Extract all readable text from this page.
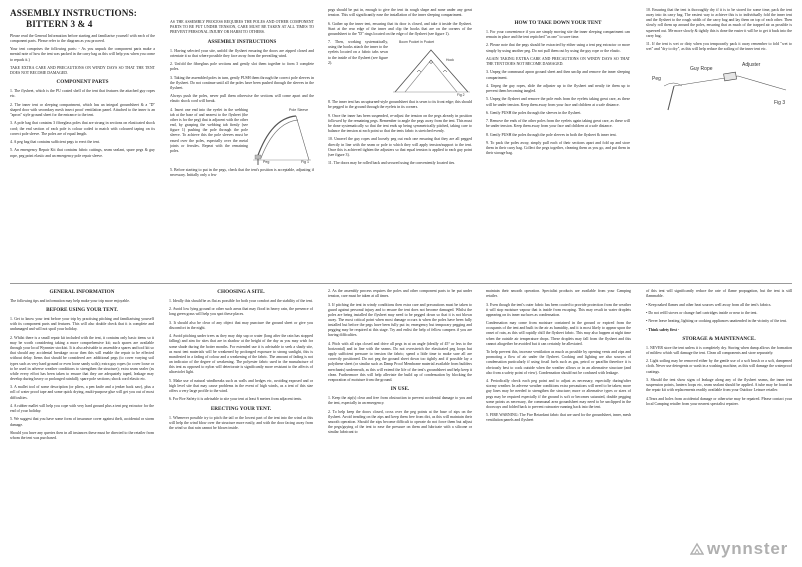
ASSEMBLY INSTRUCTIONS:
BITTERN 3 & 4

Please read the General Information before starting and familiarise yourself with each of the component parts. Please refer to the diagram as you proceed.

Your tent comprises the following parts: - As you unpack the component parts make a mental note of how the tent was packed in the carry bag as this will help you when you come to repack it.)

TAKE EXTRA CARE AND PRECAUTIONS ON WINDY DAYS SO THAT THE TENT DOES NOT BECOME DAMAGED.

COMPONENT PARTS

1. The flysheet, which is the PU coated shell of the tent that features the attached guy ropes etc.

2. The inner tent or sleeping compartment, which has an integral groundsheet & a "D" shaped door with secondary mesh insect proof ventilation panel. Attached to the inner is an "apron" style ground sheet for the entrance to the tent.

3. A pole bag that contains 3 fibreglass poles that are strung in sections on elasticated shock cord; the end section of each pole is colour coded to match with coloured taping on its correct pole sleeve. The poles are of equal length.

4. A peg bag that contains sufficient pegs to erect the tent.

5. An emergency Repair Kit that contains fabric cuttings, seam sealant, spare pegs & guy rope, peg point elastic and an emergency pole repair sleeve.

AS THE ASSEMBLY PROCESS REQUIRES THE POLES AND OTHER COMPONENT PARTS TO BE PUT UNDER TENSION, CARE MUST BE TAKEN AT ALL TIMES TO PREVENT PERSONAL INJURY OR HARM TO OTHERS.

ASSEMBLY INSTRUCTIONS

1. Having selected your site, unfold the flysheet ensuring the doors are zipped closed and orientate it so that where possible they face away from the prevailing wind.

2. Unfold the fibreglass pole sections and gently slot them together to form 3 complete poles.

3. Taking the assembled poles in turn, gently PUSH them through the correct pole sleeves in the flysheet. Do not continue until all the poles have been pushed through the sleeves in the flysheet.

Always push the poles, never pull them otherwise the sections will come apart and the elastic shock cord will break.

4. Insert one end into the eyelet in the webbing tab at the base of and nearest to the flysheet (the other is for the peg) that is adjacent with the other end, by grasping the webbing tab firmly (see figure 1) pushing the pole through the pole sleeve. To achieve this the pole sleeves must be eased over the poles, especially over the metal joints or ferrules. Repeat with the remaining poles.

Pole Sleeve
Peg	Fig 1

5. Before starting to put in the pegs, check that the tent's position is acceptable, adjusting if necessary. Initially only a few

pegs should be put in, enough to give the tent its rough shape and none under any great tension. This will significantly ease the installation of the inner sleeping compartment.

6. Gather up the inner tent, ensuring that its door is closed, and take it inside the flysheet. Start at the rear edge of the inner and clip the hooks that are on the corners of the groundsheet to the "D" rings located on the edge of the flysheet (see figure 1).

7. Then, working systematically, using the hooks attach the inner to the eyelets located on a fabric tabs sewn to the inside of the flysheet (see figure 2).

Boom Pocket in Pocket
Hook
Fig 2

8. The inner tent has an upturned-style groundsheet that is sewn to its front edge; this should be pegged to the ground through the eyelets in its corners.

9. Once the inner has been suspended, re-adjust the tension on the pegs already in position followed by the remaining pegs. Remember to angle the pegs away from the tent. This must be done systematically so that the tent ends up being symmetrically pitched, taking care to balance the tension at each point so that the tents fabric is stretched evenly.

10. Unravel the guy ropes and loosely peg out each one ensuring that they are all pegged directly in line with the seam or pole to which they will apply tension/support to the tent. Once this is achieved tighten the adjusters so that equal tension is applied to each guy point (see figure 3).

11. The doors may be rolled back and secured using the conveniently located ties.

HOW TO TAKE DOWN YOUR TENT

1. For your convenience if you are simply moving site the inner sleeping compartment can remain in place and the tent repitched "as one" to save time.

2. Please note that the pegs should be extracted by either using a tent peg extractor or more simply by using another peg. Do not pull them out by using the guy rope or the elastic.

AGAIN TAKING EXTRA CARE AND PRECAUTIONS ON WINDY DAYS SO THAT THE TENT DOES NOT BECOME DAMAGED.

3. Unpeg the communal apron ground sheet and then unclip and remove the inner sleeping compartment.

4. Unpeg the guy ropes, slide the adjuster up to the flysheet and neatly tie them up to prevent them becoming tangled.

5. Unpeg the flysheet and remove the pole ends from the eyelets taking great care, as these will be under tension. Keep them away from your face and children at a safe distance.

6. Gently PUSH the poles through the sleeves in the flysheet.

7. Remove the ends of the other poles from the eyelets again taking great care, as these will be under tension. Keep them away from your face and children at a safe distance.

8. Gently PUSH the poles through the pole sleeves in both the flysheet & inner tent.

9. To pack the poles away, simply pull each of their sections apart and fold up and store them in their carry bag. Collect the pegs together, cleaning them as you go, and put them in their storage bag.

10. Ensuring that the tent is thoroughly dry if it is to be stored for some time, pack the tent away into its carry bag. The easiest way to achieve this is to individually fold the inner tent and the flysheet to the rough width of the carry bag and lay them on top of each other. Then slowly roll them up around the poles, ensuring that as much of the trapped air as possible is squeezed out. Me more slowly & tightly this is done the easier it will be to get it back into the carry bag.

11. If the tent is wet or dirty when you temporarily pack it away remember to fold "wet to wet" and "dry to dry", as this will help reduce the soiling of the inner tent etc.

Peg
Guy Rope
Adjuster
Fig 3
GENERAL INFORMATION

The following tips and information may help make your trip more enjoyable.

BEFORE USING YOUR TENT.

1. Get to know your tent before your trip by practising pitching and familiarising yourself with its component parts and features. This will also double check that it is complete and undamaged and will not spoil your holiday.

2. Whilst there is a small repair kit included with the tent, it contains only basic items so it may be worth considering taking a more comprehensive kit; such spares are available through your local Wynnster stockist. It is also advisable to assemble a spares and tool kit so that should any accidental breakage occur then this will enable the repair to be effected without delay. Items that should be considered are: additional pegs (to cover varying soil types such as very hard ground or even loose sandy soils); extra guy ropes (to cover loose or to be used in adverse weather conditions to strengthen the structure); extra seam sealer (as while every effort has been taken to ensure that they are adequately taped, leakage may develop during heavy or prolonged rainfall); spare pole sections; shock cord elastic etc.

3. A mallet tool of some description (or pliers, a pen knife and a jenker back saw), plus a roll of water proof tape and some quick drying, multi-purpose glue will get you out of most difficulties.

4. A rubber mallet will help you cope with very hard ground plus a tent peg extractor for the end of your holiday.

5. We suggest that you have some form of insurance cover against theft, accidental or storm damage.

Should you have any queries then in all instances these must be directed to the retailer from whom the tent was purchased.

CHOOSING A SITE.

1. Ideally this should be as flat as possible for both your comfort and the stability of the tent.

2. Avoid low lying ground or other such areas that may flood in heavy rain, the presence of long green grass will help you spot these places.

3. It should also be clear of any object that may puncture the ground sheet or give you discomfort in the night.

4. Avoid pitching under trees as they may drip sap or water (long after the rain has stopped falling) and aim for sites that are in shadow at the height of the day as you may wish for some shade during the hotter months. For extended use it is advisable to seek a shady site, as most tent materials will be weakened by prolonged exposure to strong sunlight, this is manifested in a fading of colour and a weakening of the fabric. The amount of fading is not an indicator of the degree of weakening. The polyester fabric used in the manufacture of this tent as opposed to nylon will deteriorate is significantly more resistant to the affects of ultraviolet light.

5. Make use of natural windbreaks such as walls and hedges etc, avoiding exposed and or high level site that may cause problems in the event of high winds, as a tent of this size offers a very large profile to the wind.

6. For Fire Safety it is advisable to site your tent at least 6 metres from adjacent tents.

ERECTING YOUR TENT.

1. Whenever possible try to pitch the tail or the lowest part of the tent into the wind as this will help the wind blow over the structure more easily, and with the door facing away from the wind so that rain cannot be blown inside.

2. As the assembly process requires the poles and other component parts to be put under tension, care must be taken at all times.

3. If pitching the tent in windy conditions then extra care and precautions must be taken to guard against personal injury and to ensure the tent does not become damaged. Whilst the poles are being installed the flysheet may need to be pegged down so that it is not blown away. The most critical point when most damage occurs is when the poles have been fully installed but before the pegs have been fully put in; emergency but temporary pegging and pegging may be required at this stage. Try and enlist the help of fellow campers if you are having difficulties.

4. Pitch with all zips closed and drive all pegs in at an angle (ideally of 45° or less to the horizontal) and in line with the seams. Do not overstretch the elasticated peg loops but apply sufficient pressure to tension the fabric; spend a little time to make sure all are correctly positioned. Do not peg the ground sheet down too tightly and if possible lay a polythene sheet (or similar such as Damp Proof Membrane material available from builders merchants) underneath, as this will extend the life of the tent's groundsheet and help keep it clean. Furthermore this will help alleviate the build up of condensation by blocking the evaporation of moisture from the ground.

IN USE.

1. Keep the zip(s) clear and free from obstruction to prevent accidental damage to you and the tent, especially in an emergency.

2. To help keep the doors closed, cross over the peg points at the base of zips on the flysheet. Avoid treading on the zips and keep them free from dirt, as this will maintain their smooth operation. Should the zips become difficult to operate do not force them but adjust the pegs/guying of the tent to ease the pressure on them and lubricate with a silicone or similar lubricant to

maintain their smooth operation. Specialist products are available from your Camping retailer.

3. Even though the tent's outer fabric has been coated to provide protection from the weather it will stop moisture vapour that is inside from escaping. This may result in water droplets appearing on its inner surfaces as condensation.

Condensation may come from moisture contained in the ground or expired from the occupants of the tent and built in the air as humidity, and it is most likely to appear upon the onset of rain, as this will rapidly chill the flysheet fabric. This may also happen at night time when the outside air temperature drops. These droplets may fall from the flysheet and this cannot altogether be avoided but it can certainly be alleviated.

To help prevent this, increase ventilation as much as possible by opening vents and zips and promoting a flow of air under the flysheet. Cooking and lighting are also sources of condensation particularly if using fossil fuels such as gas, petrol or paraffin therefore it is obviously best to cook outside when the weather allows or in an alternative structure (and also from a safety point of view). Condensation should not be confused with leakage.

4. Periodically check each peg point and to adjust as necessary, especially during/after stormy weather. In adverse weather conditions extra precautions will need to be taken; more guy lines may be needed to strengthen the structure; more or alternative types or sizes of pegs may be required especially if the ground is soft or becomes saturated, double pegging some points as necessary, the communal area groundsheet may need to be unclipped in the doorways and folded back to prevent rainwater running back into the tent.

5. FIRE WARNING: The Fire Retardant fabric that are used for the groundsheet, inner, mesh ventilation panels and flysheet

of this tent will significantly reduce the rate of flame propagation, but the tent is still flammable.

• Keep naked flames and other heat sources well away from all the tent's fabrics.

• Do not refill stoves or change fuel cartridges inside or near to the tent.

• Never leave heating, lighting or cooking appliances unattended in the vicinity of the tent.

- Think safety first -

STORAGE & MAINTENANCE.

1. NEVER store the tent unless it is completely dry. Storing when damp allows the formation of mildew which will damage the tent. Clean all components and store separately.

2. Light soiling may be removed either by the gentle use of a soft brush or a soft, dampened cloth. Never use detergents or wash in a washing machine, as this will damage the waterproof coatings.

3. Should the tent show signs of leakage along any of the flysheet seams, the inner tent suspension points, lantern loops etc, seam sealant should be applied. A tube may be found in the repair kit with replacements readily available from your Outdoor Leisure retailer.

4.Tears and holes from accidental damage or otherwise may be repaired. Please contact your local Camping retailer from your nearest specialist repairer.

wynnster
